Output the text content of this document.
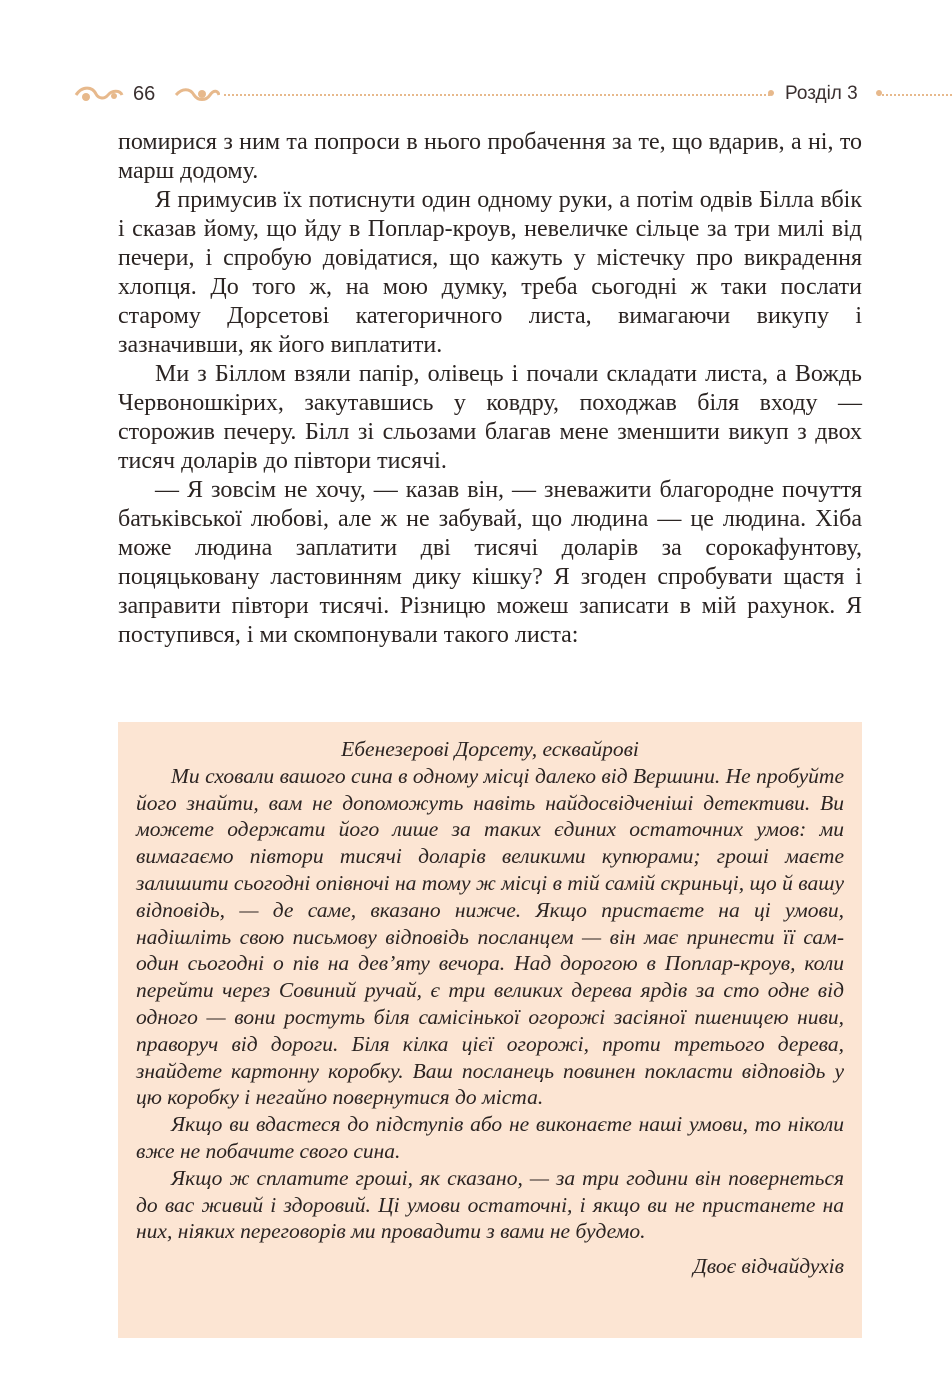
66	Розділ 3

помирися з ним та попроси в нього пробачення за те, що вдарив, а ні, то марш додому.

Я примусив їх потиснути один одному руки, а потім одвів Білла вбік і сказав йому, що йду в Поплар-кроув, невеличке сільце за три милі від печери, і спробую довідатися, що кажуть у містечку про викрадення хлопця. До того ж, на мою думку, треба сьогодні ж таки послати старому Дорсетові категоричного листа, вимагаючи викупу і зазначивши, як його виплатити.

Ми з Біллом взяли папір, олівець і почали складати листа, а Вождь Червоношкірих, закутавшись у ковдру, походжав біля входу — сторожив печеру. Білл зі сльозами благав мене зменшити викуп з двох тисяч доларів до півтори тисячі.

— Я зовсім не хочу, — казав він, — зневажити благородне почуття батьківської любові, але ж не забувай, що людина — це людина. Хіба може людина заплатити дві тисячі доларів за сорокафунтову, поцяцьковану ластовинням дику кішку? Я згоден спробувати щастя і заправити півтори тисячі. Різницю можеш записати в мій рахунок. Я поступився, і ми скомпонували такого листа:

Ебенезерові Дорсету, есквайрові

Ми сховали вашого сина в одному місці далеко від Вершини. Не пробуйте його знайти, вам не допоможуть навіть найдосвідченіші детективи. Ви можете одержати його лише за таких єдиних остаточних умов: ми вимагаємо півтори тисячі доларів великими купюрами; гроші маєте залишити сьогодні опівночі на тому ж місці в тій самій скриньці, що й вашу відповідь, — де саме, вказано нижче. Якщо пристаєте на ці умови, надішліть свою письмову відповідь посланцем — він має принести її сам-один сьогодні о пів на дев’яту вечора. Над дорогою в Поплар-кроув, коли перейти через Совиний ручай, є три великих дерева ярдів за сто одне від одного — вони ростуть біля самісінької огорожі засіяної пшеницею ниви, праворуч від дороги. Біля кілка цієї огорожі, проти третього дерева, знайдете картонну коробку. Ваш посланець повинен покласти відповідь у цю коробку і негайно повернутися до міста.

Якщо ви вдастеся до підступів або не виконаєте наші умови, то ніколи вже не побачите свого сина.

Якщо ж сплатите гроші, як сказано, — за три години він повернеться до вас живий і здоровий. Ці умови остаточні, і якщо ви не пристанете на них, ніяких переговорів ми провадити з вами не будемо.

Двоє відчайдухів
